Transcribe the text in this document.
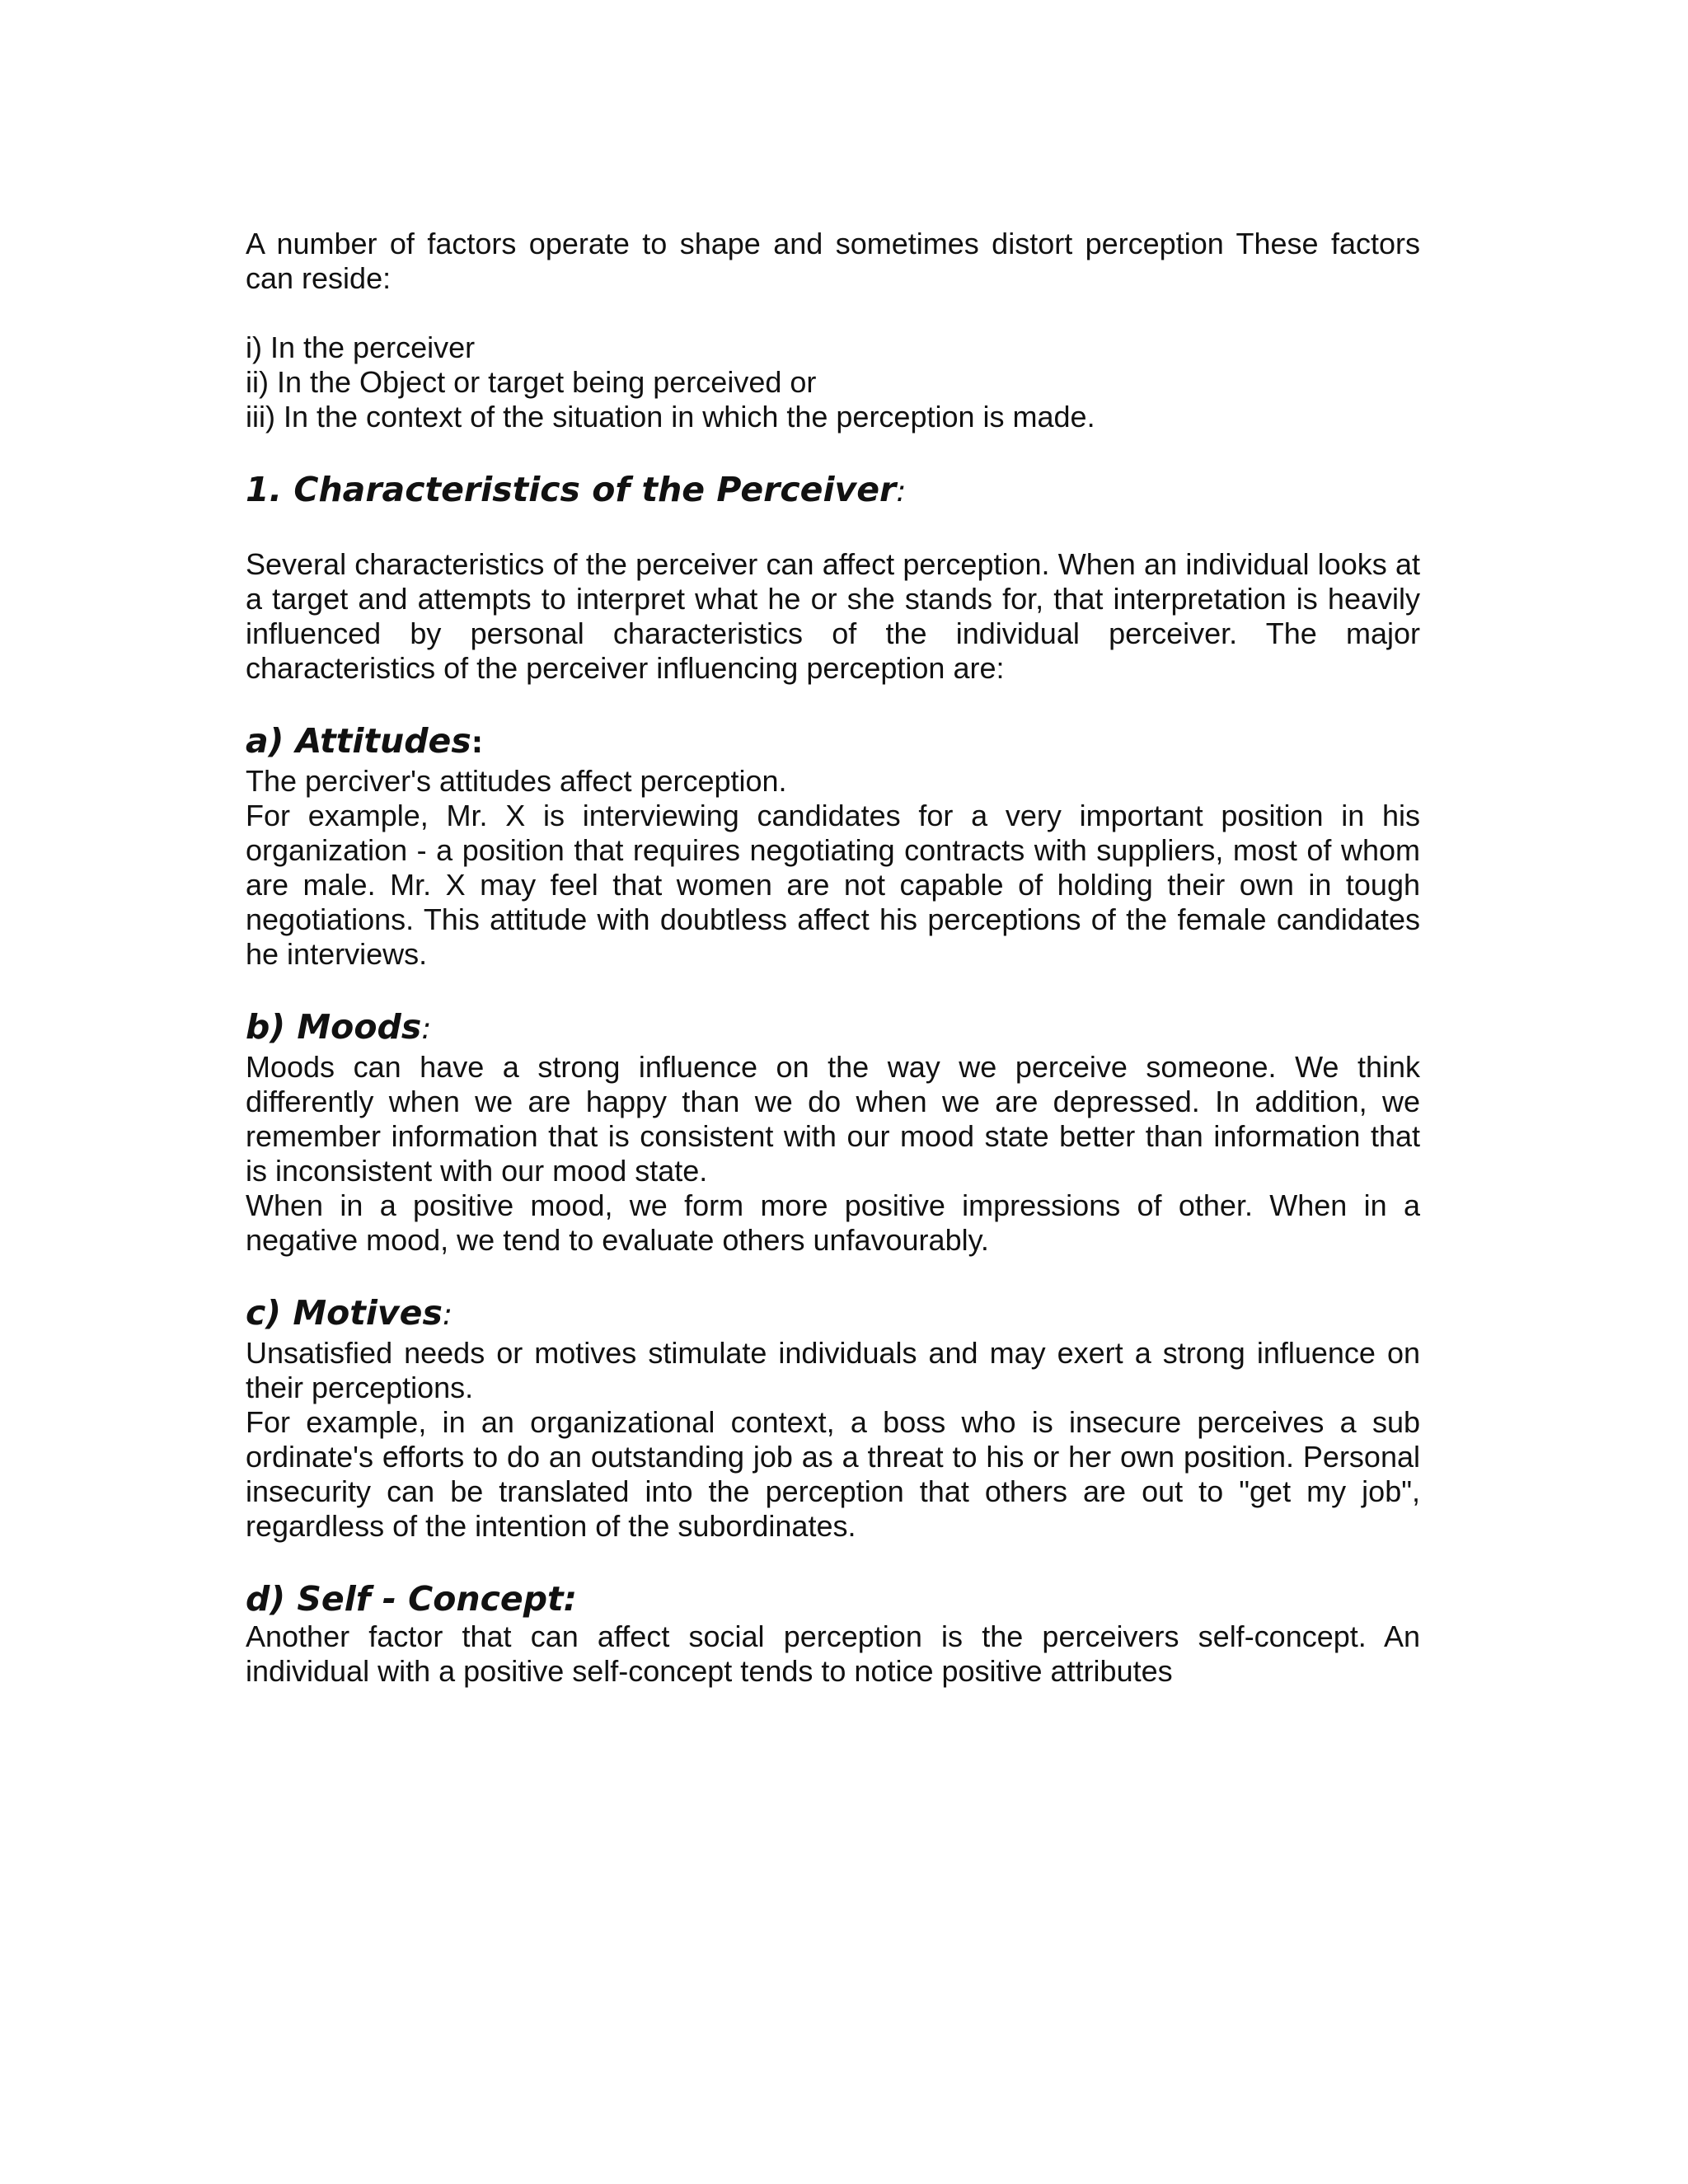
A number of factors operate to shape and sometimes distort perception These factors can reside:

i) In the perceiver
ii) In the Object or target being perceived or
iii) In the context of the situation in which the perception is made.
1. Characteristics of the Perceiver:

Several characteristics of the perceiver can affect perception. When an individual looks at a target and attempts to interpret what he or she stands for, that interpretation is heavily influenced by personal characteristics of the individual perceiver. The major characteristics of the perceiver influencing perception are:

a) Attitudes:

The perciver's attitudes affect perception.

For example, Mr. X is interviewing candidates for a very important position in his organization - a position that requires negotiating contracts with suppliers, most of whom are male. Mr. X may feel that women are not capable of holding their own in tough negotiations. This attitude with doubtless affect his perceptions of the female candidates he interviews.

b) Moods:

Moods can have a strong influence on the way we perceive someone. We think differently when we are happy than we do when we are depressed. In addition, we remember information that is consistent with our mood state better than information that is inconsistent with our mood state.

When in a positive mood, we form more positive impressions of other. When in a negative mood, we tend to evaluate others unfavourably.

c) Motives:

Unsatisfied needs or motives stimulate individuals and may exert a strong influence on their perceptions.

For example, in an organizational context, a boss who is insecure perceives a sub ordinate's efforts to do an outstanding job as a threat to his or her own position. Personal insecurity can be translated into the perception that others are out to "get my job", regardless of the intention of the subordinates.

d) Self - Concept:

Another factor that can affect social perception is the perceivers self-concept. An individual with a positive self-concept tends to notice positive attributes
